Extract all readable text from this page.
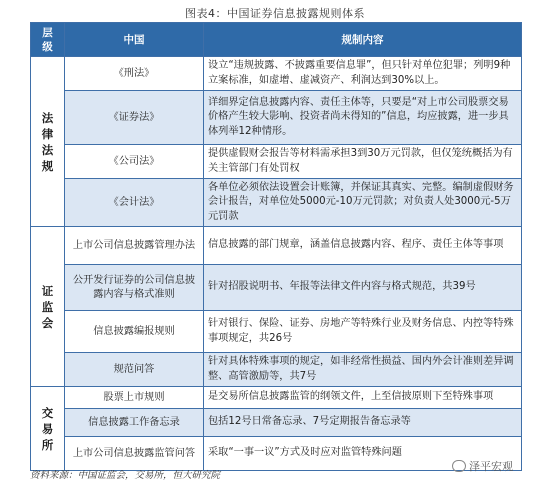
图表4：中国证券信息披露规则体系
层
级	中国	规制内容
法
律
法
规	《刑法》	设立“违规披露、不披露重要信息罪”，但只针对单位犯罪；列明9种立案标准，如虚增、虚减资产、利润达到30%以上。
	《证券法》	详细界定信息披露内容、责任主体等，只要是“对上市公司股票交易价格产生较大影响、投资者尚未得知的”信息，均应披露，进一步具体列举12种情形。
	《公司法》	提供虚假财会报告等材料需承担3到30万元罚款，但仅笼统概括为有关主管部门有处罚权
	《会计法》	各单位必须依法设置会计账簿，并保证其真实、完整。编制虚假财务会计报告，对单位处5000元-10万元罚款；对负责人处3000元-5万元罚款
证
监
会	上市公司信息披露管理办法	信息披露的部门规章，涵盖信息披露内容、程序、责任主体等事项
	公开发行证券的公司信息披露内容与格式准则	针对招股说明书、年报等法律文件内容与格式规范，共39号
	信息披露编报规则	针对银行、保险、证券、房地产等特殊行业及财务信息、内控等特殊事项规定，共26号
	规范问答	针对具体特殊事项的规定，如非经常性损益、国内外会计准则差异调整、高管激励等，共7号
交
易
所	股票上市规则	是交易所信息披露监管的纲领文件，上至信披原则下至特殊事项
	信息披露工作备忘录	包括12号日常备忘录、7号定期报告备忘录等
	上市公司信息披露监管问答	采取“一事一议”方式及时应对监管特殊问题
资料来源：中国证监会，交易所，恒大研究院
泽平宏观
